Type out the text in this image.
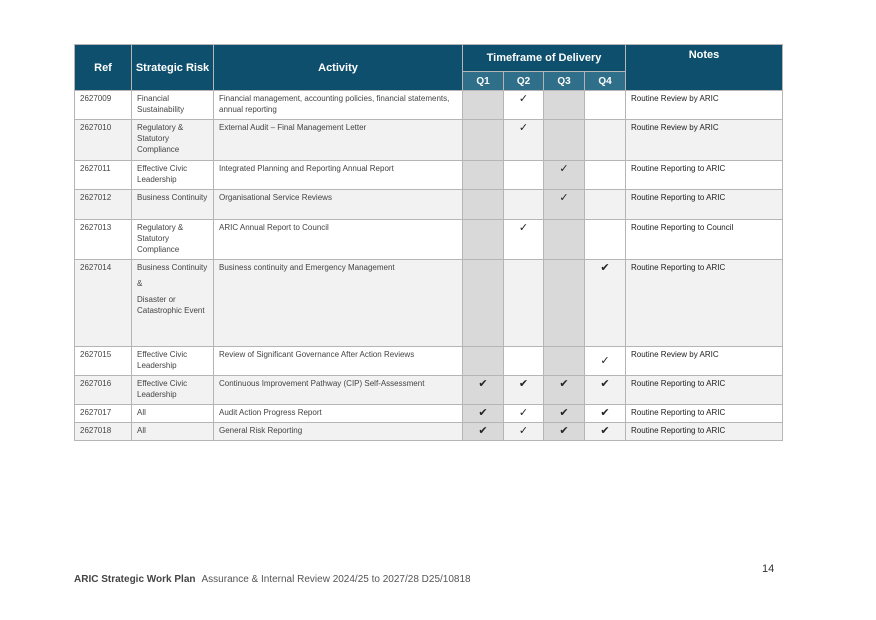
Ref	Strategic Risk	Activity	Timeframe of Delivery				Notes
			Q1	Q2	Q3	Q4	
2627009	Financial Sustainability	Financial management, accounting policies, financial statements, annual reporting		✓			Routine Review by ARIC
2627010	Regulatory & Statutory Compliance	External Audit – Final Management Letter		✓			Routine Review by ARIC
2627011	Effective Civic Leadership	Integrated Planning and Reporting Annual Report			✓		Routine Reporting to ARIC
2627012	Business Continuity	Organisational Service Reviews			✓		Routine Reporting to ARIC
2627013	Regulatory & Statutory Compliance	ARIC Annual Report to Council		✓			Routine Reporting to Council
2627014	Business Continuity
&
Disaster or Catastrophic Event	Business continuity and Emergency Management				✔	Routine Reporting to ARIC
2627015	Effective Civic Leadership	Review of Significant Governance After Action Reviews				✓	Routine Review by ARIC
2627016	Effective Civic Leadership	Continuous Improvement Pathway (CIP) Self-Assessment	✔	✔	✔	✔	Routine Reporting to ARIC
2627017	All	Audit Action Progress Report	✔	✓	✔	✔	Routine Reporting to ARIC
2627018	All	General Risk Reporting	✔	✓	✔	✔	Routine Reporting to ARIC
14
ARIC Strategic Work Plan Assurance & Internal Review 2024/25 to 2027/28 D25/10818
